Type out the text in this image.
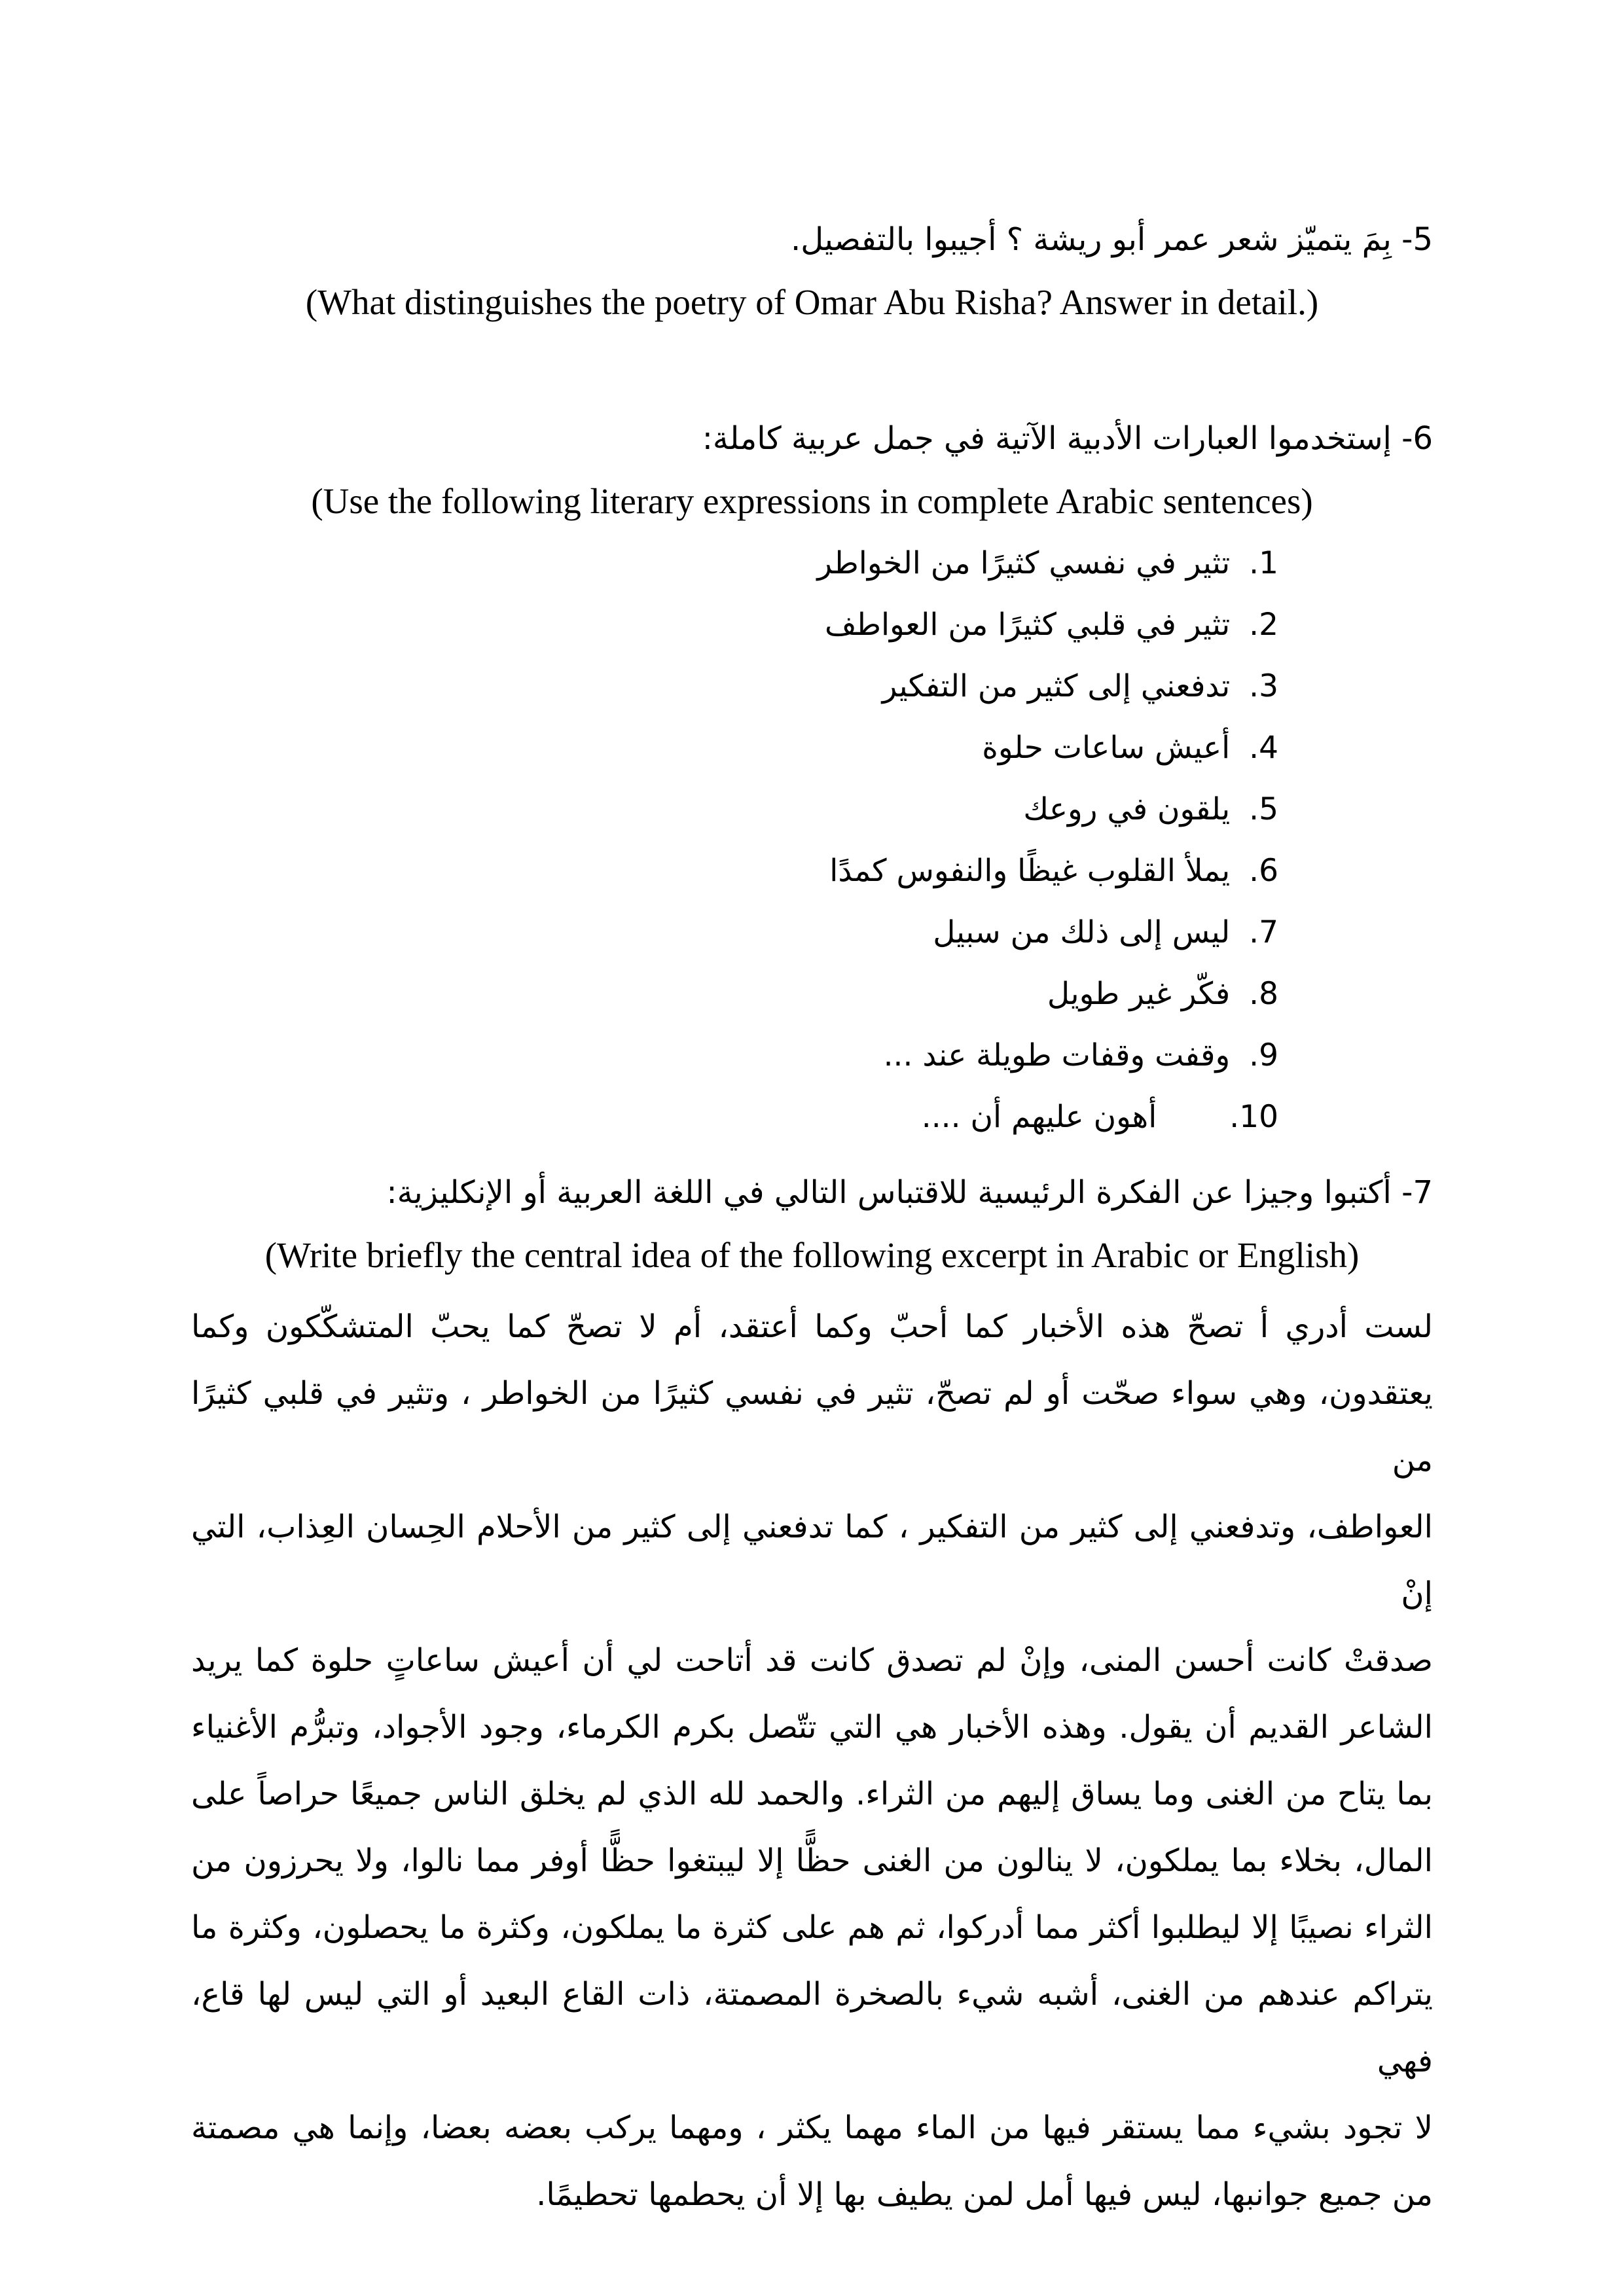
5- بِمَ يتميّز شعر عمر أبو ريشة ؟ أجيبوا بالتفصيل.

(What distinguishes the poetry of Omar Abu Risha? Answer in detail.)

6- إستخدموا العبارات الأدبية الآتية في جمل عربية كاملة:

(Use the following literary expressions in complete Arabic sentences)

1. تثير في نفسي كثيرًا من الخواطر
2. تثير في قلبي كثيرًا من العواطف
3. تدفعني إلى كثير من التفكير
4. أعيش ساعات حلوة
5. يلقون في روعك
6. يملأ القلوب غيظًا والنفوس كمدًا
7. ليس إلى ذلك من سبيل
8. فكّر غير طويل
9. وقفت وقفات طويلة عند ...
10. أهون عليهم أن ....

7- أكتبوا وجيزا عن الفكرة الرئيسية للاقتباس التالي في اللغة العربية أو الإنكليزية:

(Write briefly the central idea of the following excerpt in Arabic or English)

لست أدري أ تصحّ هذه الأخبار كما أحبّ وكما أعتقد، أم لا تصحّ كما يحبّ المتشكّكون وكما

يعتقدون، وهي سواء صحّت أو لم تصحّ، تثير في نفسي كثيرًا من الخواطر ، وتثير في قلبي كثيرًا من

العواطف، وتدفعني إلى كثير من التفكير ، كما تدفعني إلى كثير من الأحلام الحِسان العِذاب، التي إنْ

صدقتْ كانت أحسن المنى، وإنْ لم تصدق كانت قد أتاحت لي أن أعيش ساعاتٍ حلوة كما يريد

الشاعر القديم أن يقول. وهذه الأخبار هي التي تتّصل بكرم الكرماء، وجود الأجواد، وتبرُّم الأغنياء

بما يتاح من الغنى وما يساق إليهم من الثراء. والحمد لله الذي لم يخلق الناس جميعًا حراصاً على

المال، بخلاء بما يملكون، لا ينالون من الغنى حظًّا إلا ليبتغوا حظًّا أوفر مما نالوا، ولا يحرزون من

الثراء نصيبًا إلا ليطلبوا أكثر مما أدركوا، ثم هم على كثرة ما يملكون، وكثرة ما يحصلون، وكثرة ما

يتراكم عندهم من الغنى، أشبه شيء بالصخرة المصمتة، ذات القاع البعيد أو التي ليس لها قاع، فهي

لا تجود بشيء مما يستقر فيها من الماء مهما يكثر ، ومهما يركب بعضه بعضا، وإنما هي مصمتة

من جميع جوانبها، ليس فيها أمل لمن يطيف بها إلا أن يحطمها تحطيمًا.
